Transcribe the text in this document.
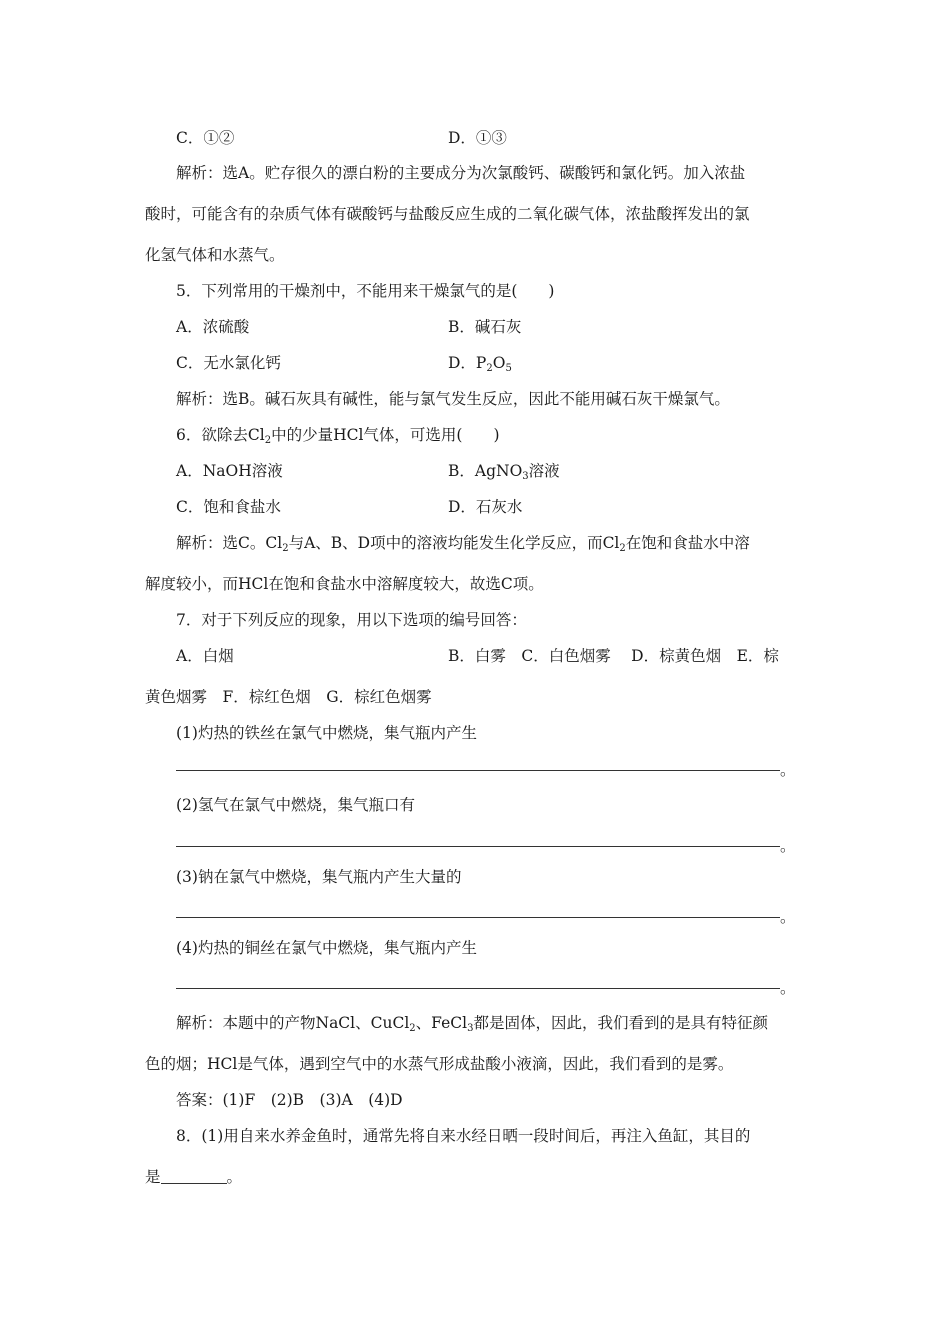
C．①②	D．①③
解析：选A。贮存很久的漂白粉的主要成分为次氯酸钙、碳酸钙和氯化钙。加入浓盐
酸时，可能含有的杂质气体有碳酸钙与盐酸反应生成的二氧化碳气体，浓盐酸挥发出的氯
化氢气体和水蒸气。
5．下列常用的干燥剂中，不能用来干燥氯气的是(　　)
A．浓硫酸	B．碱石灰
C．无水氯化钙	D．$P_2O_5$
解析：选B。碱石灰具有碱性，能与氯气发生反应，因此不能用碱石灰干燥氯气。
6．欲除去$Cl_2$中的少量HCl气体，可选用(　　)
A．NaOH溶液	B．AgNO$_3$溶液
C．饱和食盐水	D．石灰水
解析：选C。$Cl_2$与A、B、D项中的溶液均能发生化学反应，而$Cl_2$在饱和食盐水中溶
解度较小，而HCl在饱和食盐水中溶解度较大，故选C项。
7．对于下列反应的现象，用以下选项的编号回答：
A．白烟	B．白雾　C．白色烟雾　 D．棕黄色烟　E．棕
黄色烟雾　F．棕红色烟　G．棕红色烟雾
(1)灼热的铁丝在氯气中燃烧，集气瓶内产生
。
(2)氢气在氯气中燃烧，集气瓶口有
。
(3)钠在氯气中燃烧，集气瓶内产生大量的
。
(4)灼热的铜丝在氯气中燃烧，集气瓶内产生
。
解析：本题中的产物NaCl、CuCl$_2$、FeCl$_3$都是固体，因此，我们看到的是具有特征颜
色的烟；HCl是气体，遇到空气中的水蒸气形成盐酸小液滴，因此，我们看到的是雾。
答案：(1)F　(2)B　(3)A　(4)D
8．(1)用自来水养金鱼时，通常先将自来水经日晒一段时间后，再注入鱼缸，其目的
是	。
